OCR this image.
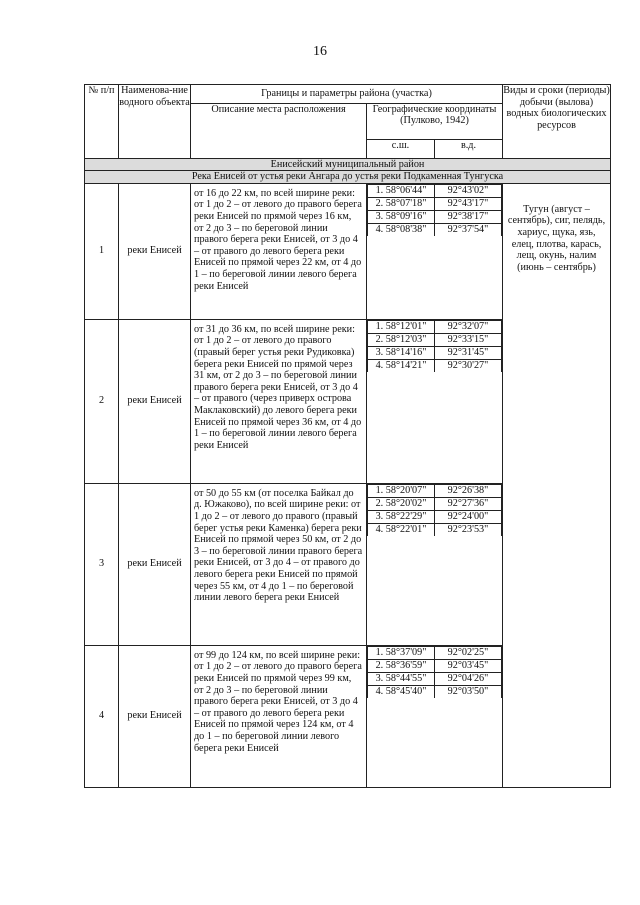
16
№ п/п	Наименова-ние водного объекта	Границы и параметры района (участка)	Виды и сроки (периоды) добычи (вылова) водных биологических ресурсов
Описание места расположения	Географические координаты (Пулково, 1942)
с.ш.	в.д.
Енисейский муниципальный район
Река Енисей от устья реки Ангара до устья реки Подкаменная Тунгуска
1	реки Енисей	от 16 до 22 км, по всей ширине реки: от 1 до 2 – от левого до правого берега реки Енисей по прямой через 16 км, от 2 до 3 – по береговой линии правого берега реки Енисей, от 3 до 4 – от правого до левого берега реки Енисей по прямой через 22 км, от 4 до 1 – по береговой линии левого берега реки Енисей	
1. 58°06'44"	92°43'02"
2. 58°07'18"	92°43'17"
3. 58°09'16"	92°38'17"
4. 58°08'38"	92°37'54"
	Тугун (август – сентябрь), сиг, пелядь, хариус, щука, язь, елец, плотва, карась, лещ, окунь, налим (июнь – сентябрь)
2	реки Енисей	от 31 до 36 км, по всей ширине реки: от 1 до 2 – от левого до правого (правый берег устья реки Рудиковка) берега реки Енисей по прямой через 31 км, от 2 до 3 – по береговой линии правого берега реки Енисей, от 3 до 4 – от правого (через приверх острова Маклаковский) до левого берега реки Енисей по прямой через 36 км, от 4 до 1 – по береговой линии левого берега реки Енисей	
1. 58°12'01"	92°32'07"
2. 58°12'03"	92°33'15"
3. 58°14'16"	92°31'45"
4. 58°14'21"	92°30'27"

3	реки Енисей	от 50 до 55 км (от поселка Байкал до д. Южаково), по всей ширине реки: от 1 до 2 – от левого до правого (правый берег устья реки Каменка) берега реки Енисей по прямой через 50 км, от 2 до 3 – по береговой линии правого берега реки Енисей, от 3 до 4 – от правого до левого берега реки Енисей по прямой через 55 км, от 4 до 1 – по береговой линии левого берега реки Енисей	
1. 58°20'07"	92°26'38"
2. 58°20'02"	92°27'36"
3. 58°22'29"	92°24'00"
4. 58°22'01"	92°23'53"

4	реки Енисей	от 99 до 124 км, по всей ширине реки: от 1 до 2 – от левого до правого берега реки Енисей по прямой через 99 км, от 2 до 3 – по береговой линии правого берега реки Енисей, от 3 до 4 – от правого до левого берега реки Енисей по прямой через 124 км, от 4 до 1 – по береговой линии левого берега реки Енисей	
1. 58°37'09"	92°02'25"
2. 58°36'59"	92°03'45"
3. 58°44'55"	92°04'26"
4. 58°45'40"	92°03'50"
